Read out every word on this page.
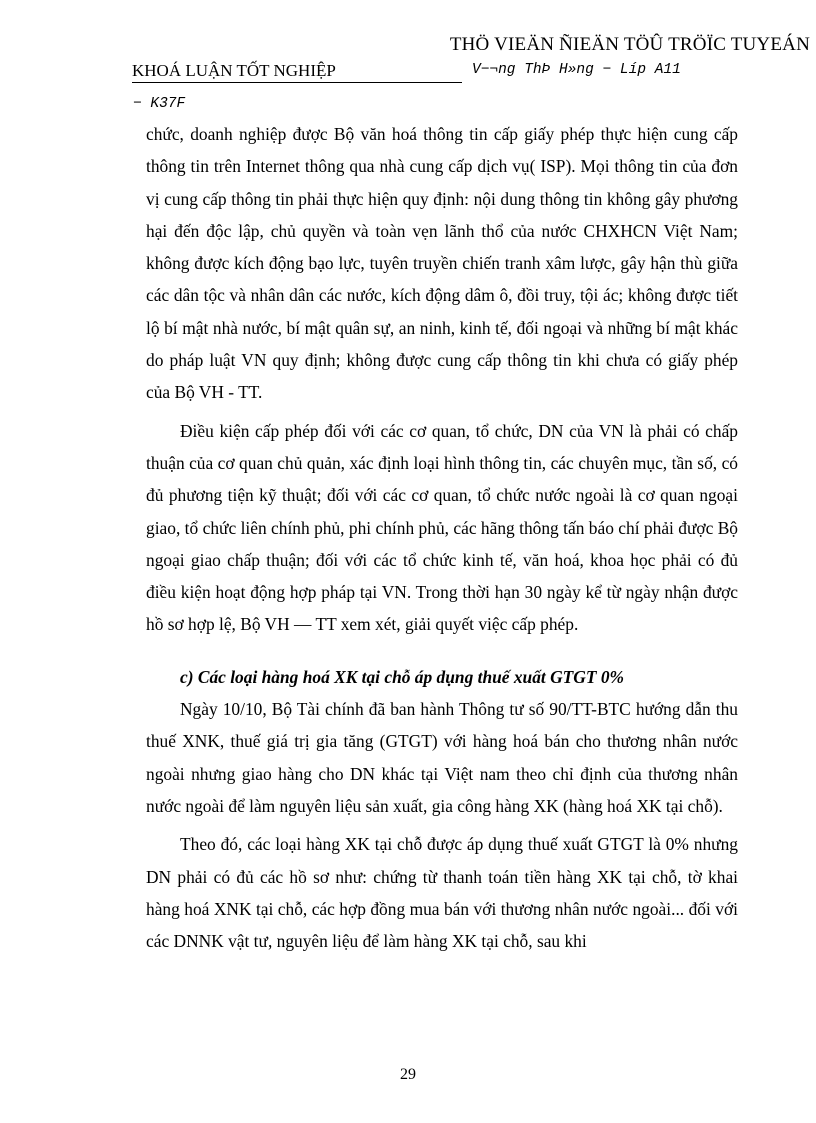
THÖ VIEÄN ÑIEÄN TÖÛ TRÖÏC TUYEÁN
KHOÁ LUẬN TỐT NGHIỆP	V−¬ng ThÞ H»ng − Líp A11
− K37F

chức, doanh nghiệp được Bộ văn hoá thông tin cấp giấy phép thực hiện cung cấp thông tin trên Internet thông qua nhà cung cấp dịch vụ( ISP). Mọi thông tin của đơn vị cung cấp thông tin phải thực hiện quy định: nội dung thông tin không gây phương hại đến độc lập, chủ quyền và toàn vẹn lãnh thổ của nước CHXHCN Việt Nam; không được kích động bạo lực, tuyên truyền chiến tranh xâm lược, gây hận thù giữa các dân tộc và nhân dân các nước, kích động dâm ô, đồi truy, tội ác; không được tiết lộ bí mật nhà nước, bí mật quân sự, an ninh, kinh tế, đối ngoại và những bí mật khác do pháp luật VN quy định; không được cung cấp thông tin khi chưa có giấy phép của Bộ VH - TT.

Điều kiện cấp phép đối với các cơ quan, tổ chức, DN của VN là phải có chấp thuận của cơ quan chủ quản, xác định loại hình thông tin, các chuyên mục, tần số, có đủ phương tiện kỹ thuật; đối với các cơ quan, tổ chức nước ngoài là cơ quan ngoại giao, tổ chức liên chính phủ, phi chính phủ, các hãng thông tấn báo chí phải được Bộ ngoại giao chấp thuận; đối với các tổ chức kinh tế, văn hoá, khoa học phải có đủ điều kiện hoạt động hợp pháp tại VN. Trong thời hạn 30 ngày kể từ ngày nhận được hồ sơ hợp lệ, Bộ VH — TT xem xét, giải quyết việc cấp phép.

c) Các loại hàng hoá XK tại chỗ áp dụng thuế xuất GTGT 0%

Ngày 10/10, Bộ Tài chính đã ban hành Thông tư số 90/TT-BTC hướng dẫn thu thuế XNK, thuế giá trị gia tăng (GTGT) với hàng hoá bán cho thương nhân nước ngoài nhưng giao hàng cho DN khác tại Việt nam theo chỉ định của thương nhân nước ngoài để làm nguyên liệu sản xuất, gia công hàng XK (hàng hoá XK tại chỗ).

Theo đó, các loại hàng XK tại chỗ được áp dụng thuế xuất GTGT là 0% nhưng DN phải có đủ các hồ sơ như: chứng từ thanh toán tiền hàng XK tại chỗ, tờ khai hàng hoá XNK tại chỗ, các hợp đồng mua bán với thương nhân nước ngoài... đối với các DNNK vật tư, nguyên liệu để làm hàng XK tại chỗ, sau khi

29
